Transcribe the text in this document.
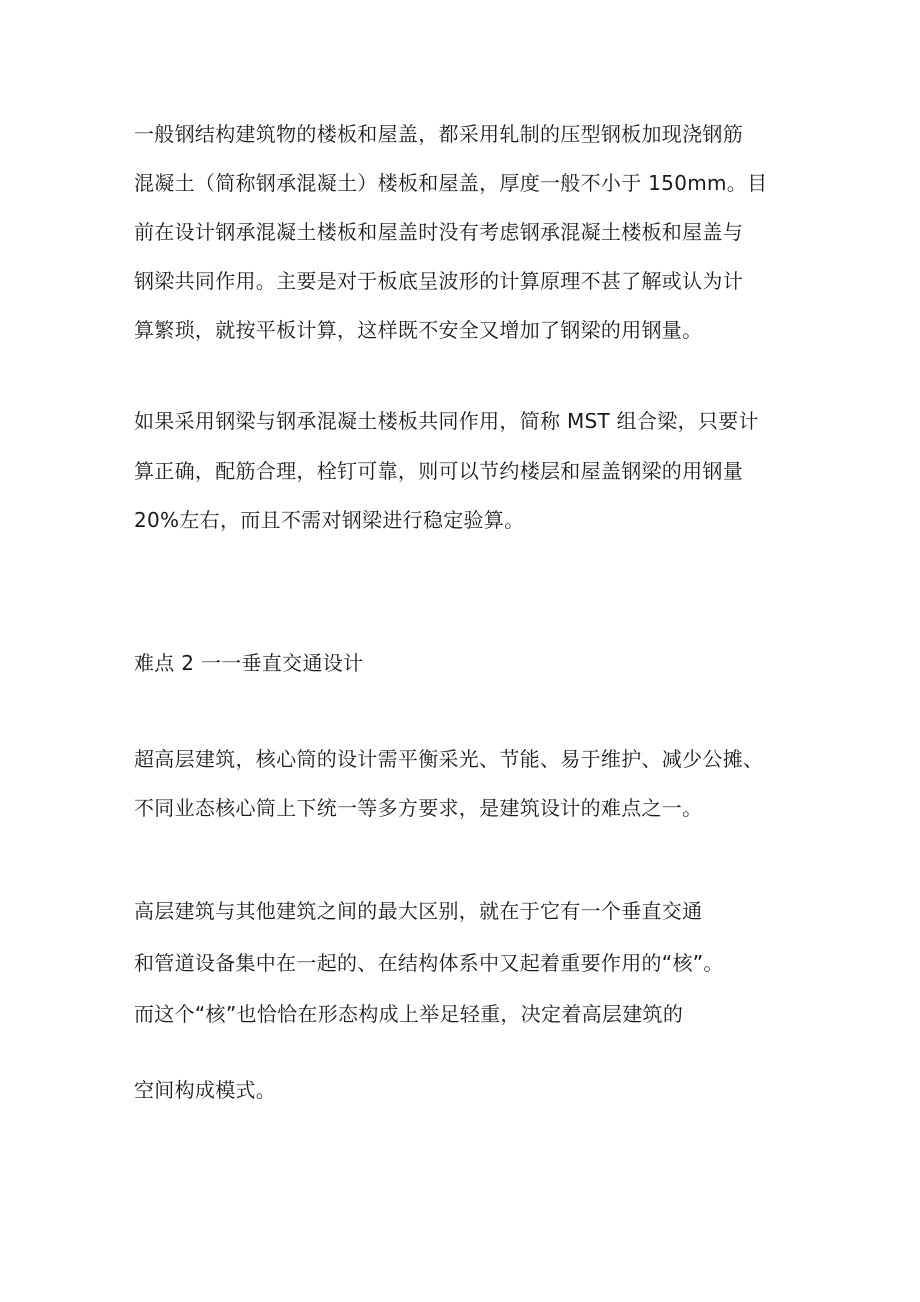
一般钢结构建筑物的楼板和屋盖，都采用轧制的压型钢板加现浇钢筋
混凝土（简称钢承混凝土）楼板和屋盖，厚度一般不小于 150mm。目
前在设计钢承混凝土楼板和屋盖时没有考虑钢承混凝土楼板和屋盖与
钢梁共同作用。主要是对于板底呈波形的计算原理不甚了解或认为计
算繁琐，就按平板计算，这样既不安全又增加了钢梁的用钢量。
如果采用钢梁与钢承混凝土楼板共同作用，简称 MST 组合梁，只要计
算正确，配筋合理，栓钉可靠，则可以节约楼层和屋盖钢梁的用钢量
20%左右，而且不需对钢梁进行稳定验算。
难点 2 一一垂直交通设计
超高层建筑，核心筒的设计需平衡采光、节能、易于维护、减少公摊、
不同业态核心筒上下统一等多方要求，是建筑设计的难点之一。
高层建筑与其他建筑之间的最大区别，就在于它有一个垂直交通
和管道设备集中在一起的、在结构体系中又起着重要作用的“核”。
而这个“核”也恰恰在形态构成上举足轻重，决定着高层建筑的
空间构成模式。
